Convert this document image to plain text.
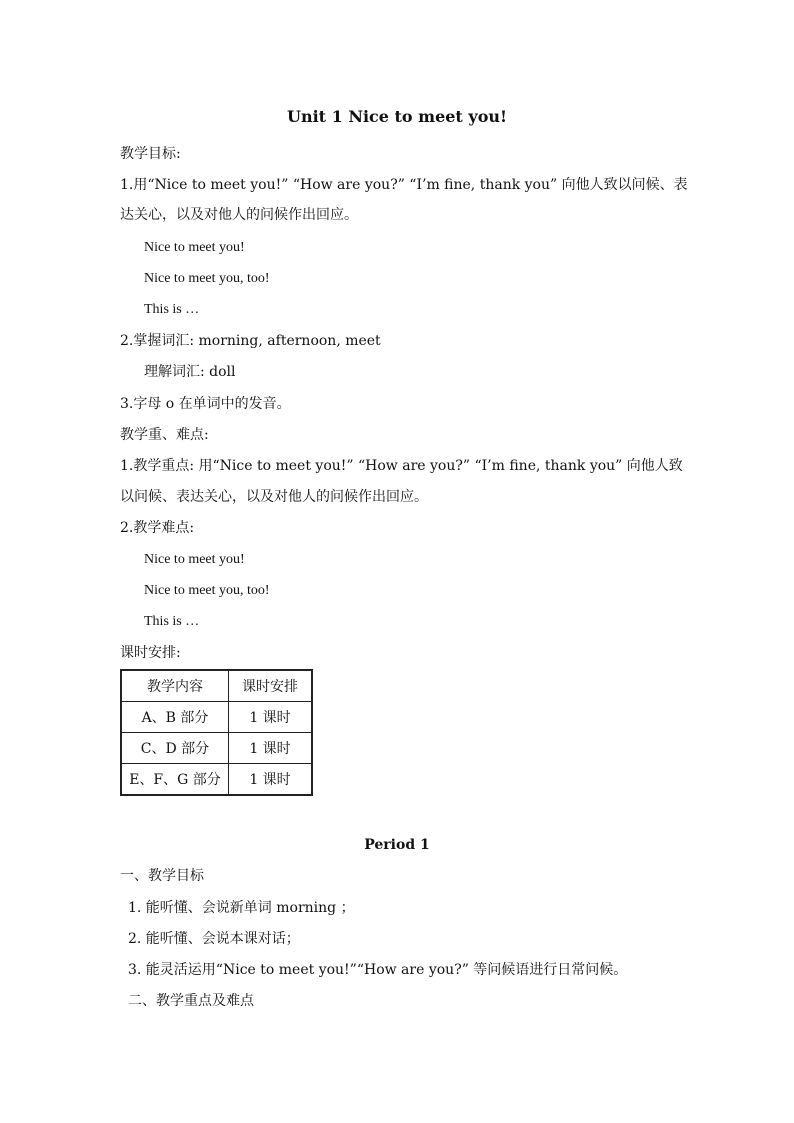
Unit 1 Nice to meet you!
教学目标:
1.用“Nice to meet you!” “How are you?” “I’m fine, thank you” 向他人致以问候、表
达关心，以及对他人的问候作出回应。
Nice to meet you!
Nice to meet you, too!
This is …
2.掌握词汇: morning, afternoon, meet
理解词汇: doll
3.字母 o 在单词中的发音。
教学重、难点:
1.教学重点: 用“Nice to meet you!” “How are you?” “I’m fine, thank you” 向他人致
以问候、表达关心，以及对他人的问候作出回应。
2.教学难点:
Nice to meet you!
Nice to meet you, too!
This is …
课时安排:
教学内容	课时安排
A、B 部分	1 课时
C、D 部分	1 课时
E、F、G 部分	1 课时
Period 1
一、教学目标
1. 能听懂、会说新单词 morning ；
2. 能听懂、会说本课对话；
3. 能灵活运用“Nice to meet you!”“How are you?” 等问候语进行日常问候。
二、教学重点及难点
